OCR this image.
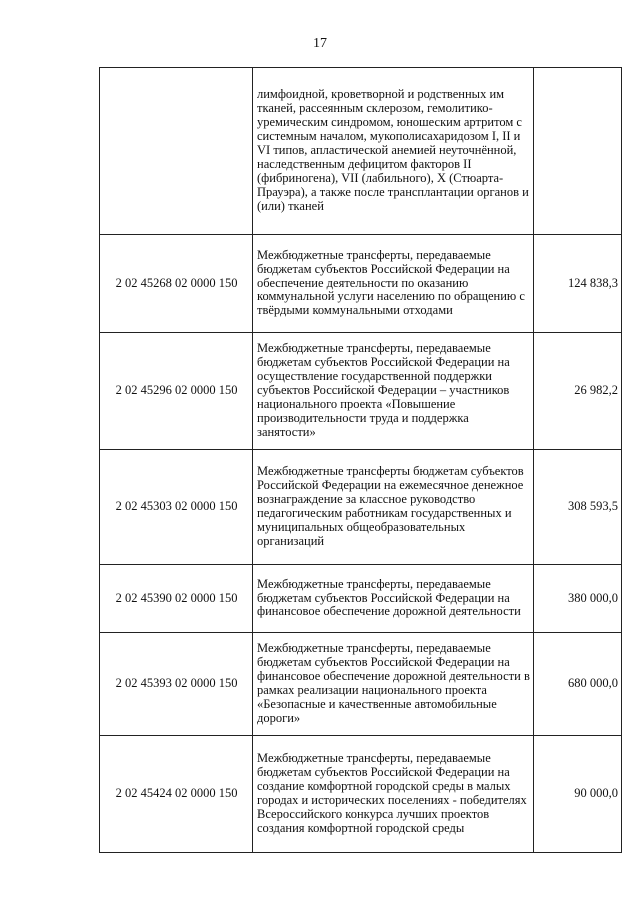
17
	лимфоидной, кроветворной и родственных им тканей, рассеянным склерозом, гемолитико-уремическим синдромом, юношеским артритом с системным началом, мукополисахаридозом I, II и VI типов, апластической анемией неуточнённой, наследственным дефицитом факторов II (фибриногена), VII (лабильного), X (Стюарта-Прауэра), а также после трансплантации органов и (или) тканей	
2 02 45268 02 0000 150	Межбюджетные трансферты, передаваемые бюджетам субъектов Российской Федерации на обеспечение деятельности по оказанию коммунальной услуги населению по обращению с твёрдыми коммунальными отходами	124 838,3
2 02 45296 02 0000 150	Межбюджетные трансферты, передаваемые бюджетам субъектов Российской Федерации на осуществление государственной поддержки субъектов Российской Федерации – участников национального проекта «Повышение производительности труда и поддержка занятости»	26 982,2
2 02 45303 02 0000 150	Межбюджетные трансферты бюджетам субъектов Российской Федерации на ежемесячное денежное вознаграждение за классное руководство педагогическим работникам государственных и муниципальных общеобразовательных организаций	308 593,5
2 02 45390 02 0000 150	Межбюджетные трансферты, передаваемые бюджетам субъектов Российской Федерации на финансовое обеспечение дорожной деятельности	380 000,0
2 02 45393 02 0000 150	Межбюджетные трансферты, передаваемые бюджетам субъектов Российской Федерации на финансовое обеспечение дорожной деятельности в рамках реализации национального проекта «Безопасные и качественные автомобильные дороги»	680 000,0
2 02 45424 02 0000 150	Межбюджетные трансферты, передаваемые бюджетам субъектов Российской Федерации на создание комфортной городской среды в малых городах и исторических поселениях - победителях Всероссийского конкурса лучших проектов создания комфортной городской среды	90 000,0
